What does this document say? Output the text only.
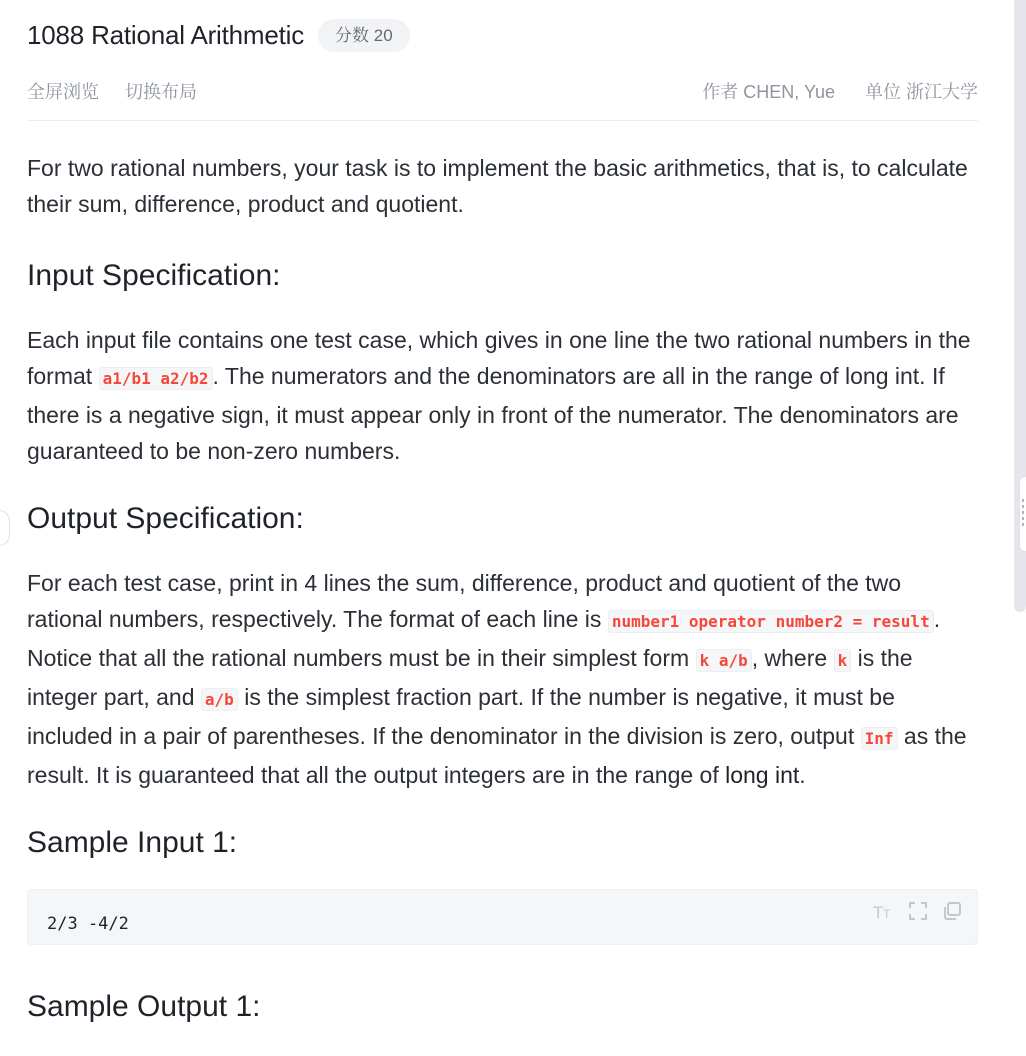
1088 Rational Arithmetic	分数 20
全屏浏览 切换布局	作者 CHEN, Yue 单位 浙江大学

For two rational numbers, your task is to implement the basic arithmetics, that is, to calculate their sum, difference, product and quotient.

Input Specification:

Each input file contains one test case, which gives in one line the two rational numbers in the format a1/b1 a2/b2 . The numerators and the denominators are all in the range of long int. If there is a negative sign, it must appear only in front of the numerator. The denominators are guaranteed to be non-zero numbers.

Output Specification:

For each test case, print in 4 lines the sum, difference, product and quotient of the two rational numbers, respectively. The format of each line is number1 operator number2 = result . Notice that all the rational numbers must be in their simplest form k a/b , where k is the integer part, and a/b is the simplest fraction part. If the number is negative, it must be included in a pair of parentheses. If the denominator in the division is zero, output Inf as the result. It is guaranteed that all the output integers are in the range of long int.

Sample Input 1:
2/3 -4/2
T T
Sample Output 1:
